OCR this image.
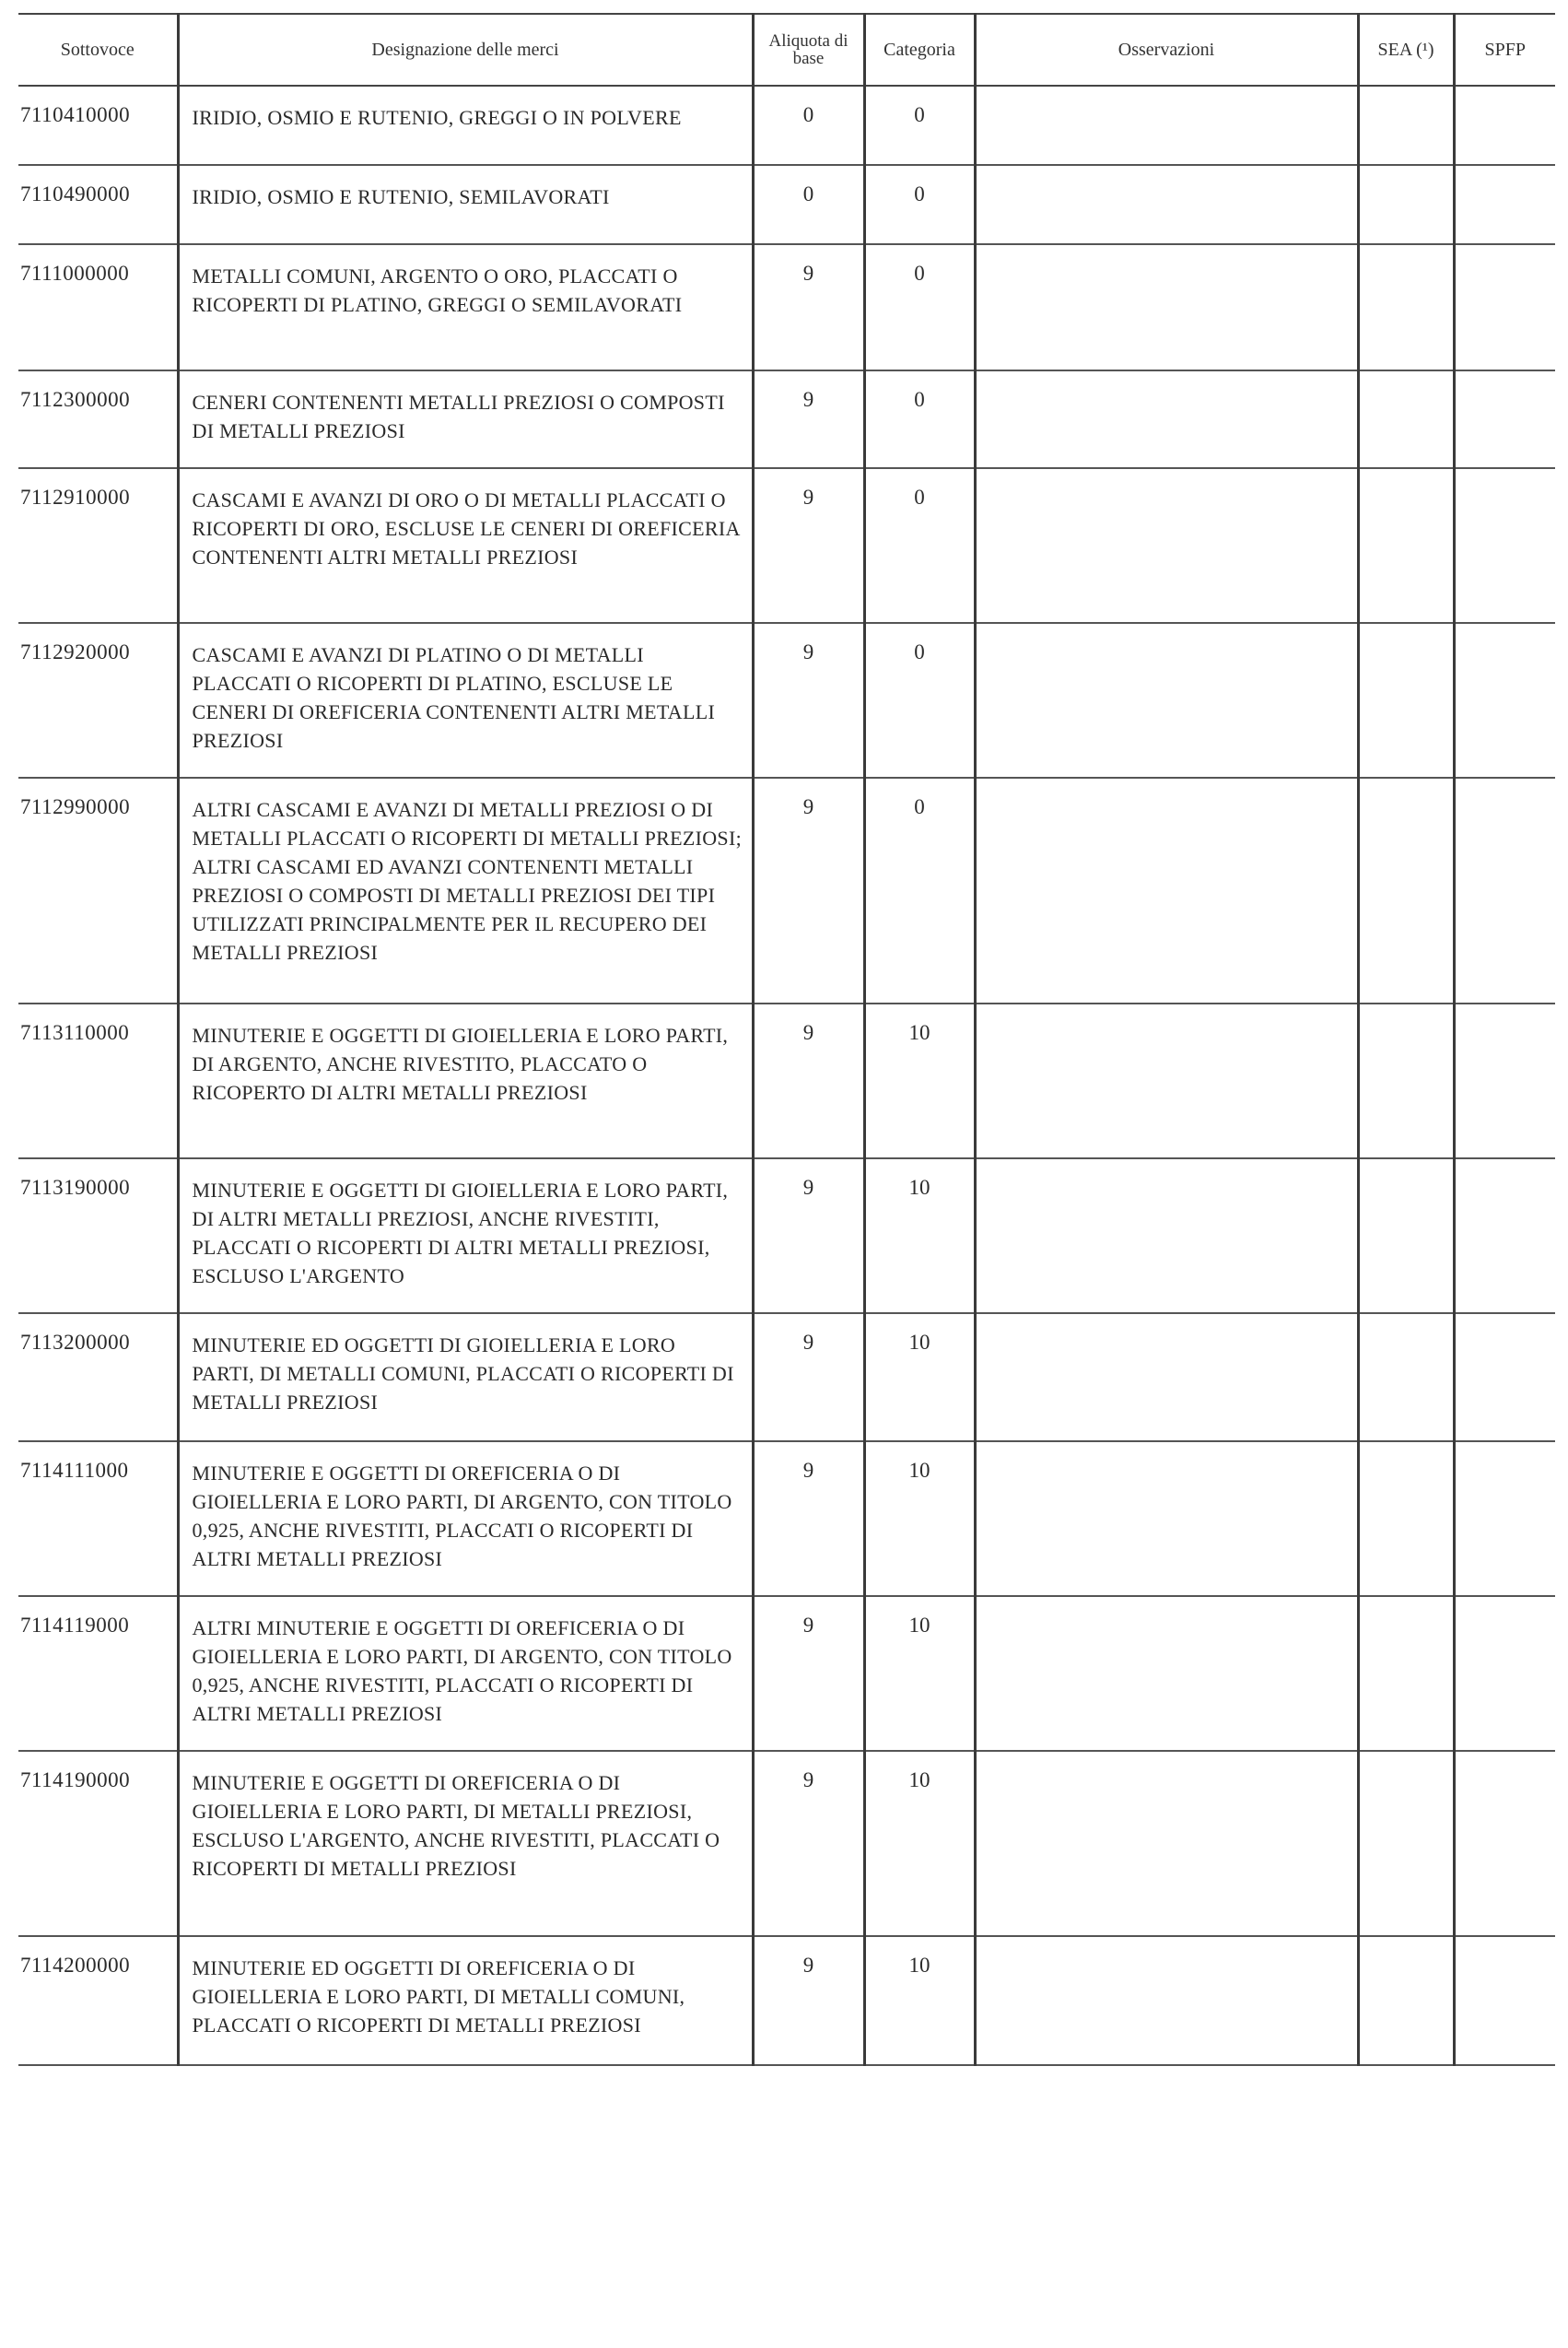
Sottovoce	Designazione delle merci	Aliquota di base	Categoria	Osservazioni	SEA (¹)	SPFP
7110410000	IRIDIO, OSMIO E RUTENIO, GREGGI O IN POLVERE	0	0			
7110490000	IRIDIO, OSMIO E RUTENIO, SEMILAVORATI	0	0			
7111000000	METALLI COMUNI, ARGENTO O ORO, PLACCATI O RICOPERTI DI PLATINO, GREGGI O SEMILAVORATI	9	0			
7112300000	CENERI CONTENENTI METALLI PREZIOSI O COMPOSTI DI METALLI PREZIOSI	9	0			
7112910000	CASCAMI E AVANZI DI ORO O DI METALLI PLACCATI O RICOPERTI DI ORO, ESCLUSE LE CENERI DI OREFICERIA CONTENENTI ALTRI METALLI PREZIOSI	9	0			
7112920000	CASCAMI E AVANZI DI PLATINO O DI METALLI PLACCATI O RICOPERTI DI PLATINO, ESCLUSE LE CENERI DI OREFICERIA CONTENENTI ALTRI METALLI PREZIOSI	9	0			
7112990000	ALTRI CASCAMI E AVANZI DI METALLI PREZIOSI O DI METALLI PLACCATI O RICOPERTI DI METALLI PREZIOSI; ALTRI CASCAMI ED AVANZI CONTENENTI METALLI PREZIOSI O COMPOSTI DI METALLI PREZIOSI DEI TIPI UTILIZZATI PRINCIPALMENTE PER IL RECUPERO DEI METALLI PREZIOSI	9	0			
7113110000	MINUTERIE E OGGETTI DI GIOIELLERIA E LORO PARTI, DI ARGENTO, ANCHE RIVESTITO, PLACCATO O RICOPERTO DI ALTRI METALLI PREZIOSI	9	10			
7113190000	MINUTERIE E OGGETTI DI GIOIELLERIA E LORO PARTI, DI ALTRI METALLI PREZIOSI, ANCHE RIVESTITI, PLACCATI O RICOPERTI DI ALTRI METALLI PREZIOSI, ESCLUSO L'ARGENTO	9	10			
7113200000	MINUTERIE ED OGGETTI DI GIOIELLERIA E LORO PARTI, DI METALLI COMUNI, PLACCATI O RICOPERTI DI METALLI PREZIOSI	9	10			
7114111000	MINUTERIE E OGGETTI DI OREFICERIA O DI GIOIELLERIA E LORO PARTI, DI ARGENTO, CON TITOLO 0,925, ANCHE RIVESTITI, PLACCATI O RICOPERTI DI ALTRI METALLI PREZIOSI	9	10			
7114119000	ALTRI MINUTERIE E OGGETTI DI OREFICERIA O DI GIOIELLERIA E LORO PARTI, DI ARGENTO, CON TITOLO 0,925, ANCHE RIVESTITI, PLACCATI O RICOPERTI DI ALTRI METALLI PREZIOSI	9	10			
7114190000	MINUTERIE E OGGETTI DI OREFICERIA O DI GIOIELLERIA E LORO PARTI, DI METALLI PREZIOSI, ESCLUSO L'ARGENTO, ANCHE RIVESTITI, PLACCATI O RICOPERTI DI METALLI PREZIOSI	9	10			
7114200000	MINUTERIE ED OGGETTI DI OREFICERIA O DI GIOIELLERIA E LORO PARTI, DI METALLI COMUNI, PLACCATI O RICOPERTI DI METALLI PREZIOSI	9	10			
